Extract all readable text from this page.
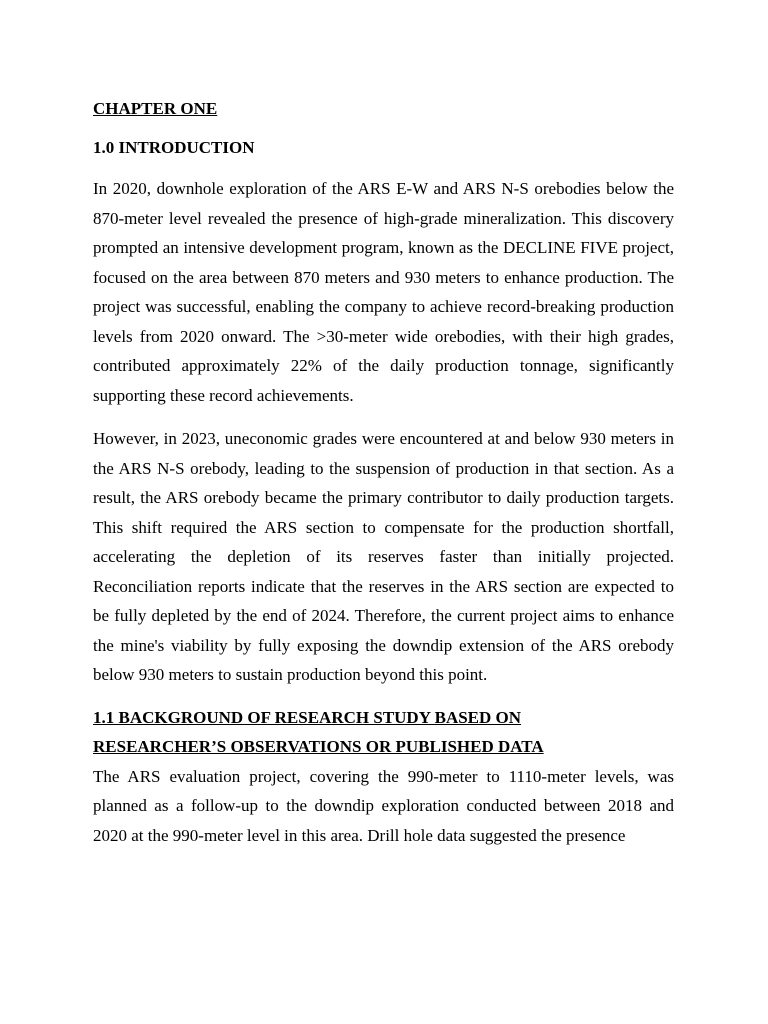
CHAPTER ONE

1.0 INTRODUCTION

In 2020, downhole exploration of the ARS E-W and ARS N-S orebodies below the 870-meter level revealed the presence of high-grade mineralization. This discovery prompted an intensive development program, known as the DECLINE FIVE project, focused on the area between 870 meters and 930 meters to enhance production. The project was successful, enabling the company to achieve record-breaking production levels from 2020 onward. The >30-meter wide orebodies, with their high grades, contributed approximately 22% of the daily production tonnage, significantly supporting these record achievements.

However, in 2023, uneconomic grades were encountered at and below 930 meters in the ARS N-S orebody, leading to the suspension of production in that section. As a result, the ARS orebody became the primary contributor to daily production targets. This shift required the ARS section to compensate for the production shortfall, accelerating the depletion of its reserves faster than initially projected. Reconciliation reports indicate that the reserves in the ARS section are expected to be fully depleted by the end of 2024. Therefore, the current project aims to enhance the mine's viability by fully exposing the downdip extension of the ARS orebody below 930 meters to sustain production beyond this point.

1.1 BACKGROUND OF RESEARCH STUDY BASED ON
RESEARCHER’S OBSERVATIONS OR PUBLISHED DATA

The ARS evaluation project, covering the 990-meter to 1110-meter levels, was planned as a follow-up to the downdip exploration conducted between 2018 and 2020 at the 990-meter level in this area. Drill hole data suggested the presence
